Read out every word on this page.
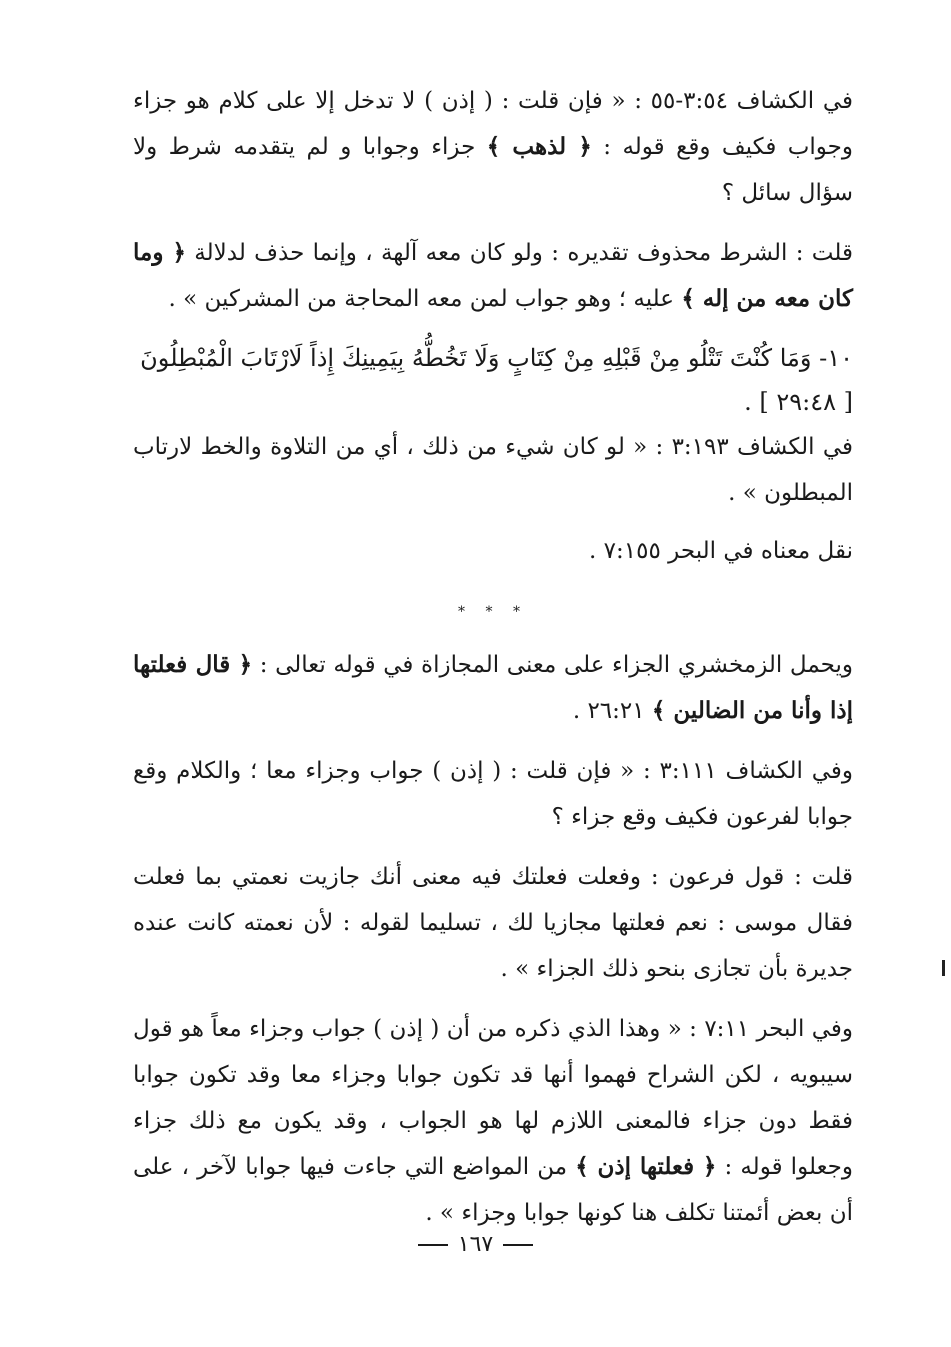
في الكشاف ٣:٥٤-٥٥ : « فإن قلت : ( إذن ) لا تدخل إلا على كلام هو جزاء وجواب فكيف وقع قوله : ﴿ لذهب ﴾ جزاء وجوابا و لم يتقدمه شرط ولا سؤال سائل ؟

قلت : الشرط محذوف تقديره : ولو كان معه آلهة ، وإنما حذف لدلالة ﴿ وما كان معه من إله ﴾ عليه ؛ وهو جواب لمن معه المحاجة من المشركين » .

١٠- وَمَا كُنْتَ تَتْلُو مِنْ قَبْلِهِ مِنْ كِتَابٍ وَلَا تَخُطُّهُ بِيَمِينِكَ إِذاً لَارْتَابَ الْمُبْطِلُونَ

[ ٢٩:٤٨ ] .

في الكشاف ٣:١٩٣ : « لو كان شيء من ذلك ، أي من التلاوة والخط لارتاب المبطلون » .

نقل معناه في البحر ٧:١٥٥ .

* * *

ويحمل الزمخشري الجزاء على معنى المجازاة في قوله تعالى : ﴿ قال فعلتها إذا وأنا من الضالين ﴾ ٢٦:٢١ .

وفي الكشاف ٣:١١١ : « فإن قلت : ( إذن ) جواب وجزاء معا ؛ والكلام وقع جوابا لفرعون فكيف وقع جزاء ؟

قلت : قول فرعون : وفعلت فعلتك فيه معنى أنك جازيت نعمتي بما فعلت فقال موسى : نعم فعلتها مجازيا لك ، تسليما لقوله : لأن نعمته كانت عنده جديرة بأن تجازى بنحو ذلك الجزاء » .

وفي البحر ٧:١١ : « وهذا الذي ذكره من أن ( إذن ) جواب وجزاء معاً هو قول سيبويه ، لكن الشراح فهموا أنها قد تكون جوابا وجزاء معا وقد تكون جوابا فقط دون جزاء فالمعنى اللازم لها هو الجواب ، وقد يكون مع ذلك جزاء وجعلوا قوله : ﴿ فعلتها إذن ﴾ من المواضع التي جاءت فيها جوابا لآخر ، على أن بعض أئمتنا تكلف هنا كونها جوابا وجزاء » .

١٦٧
